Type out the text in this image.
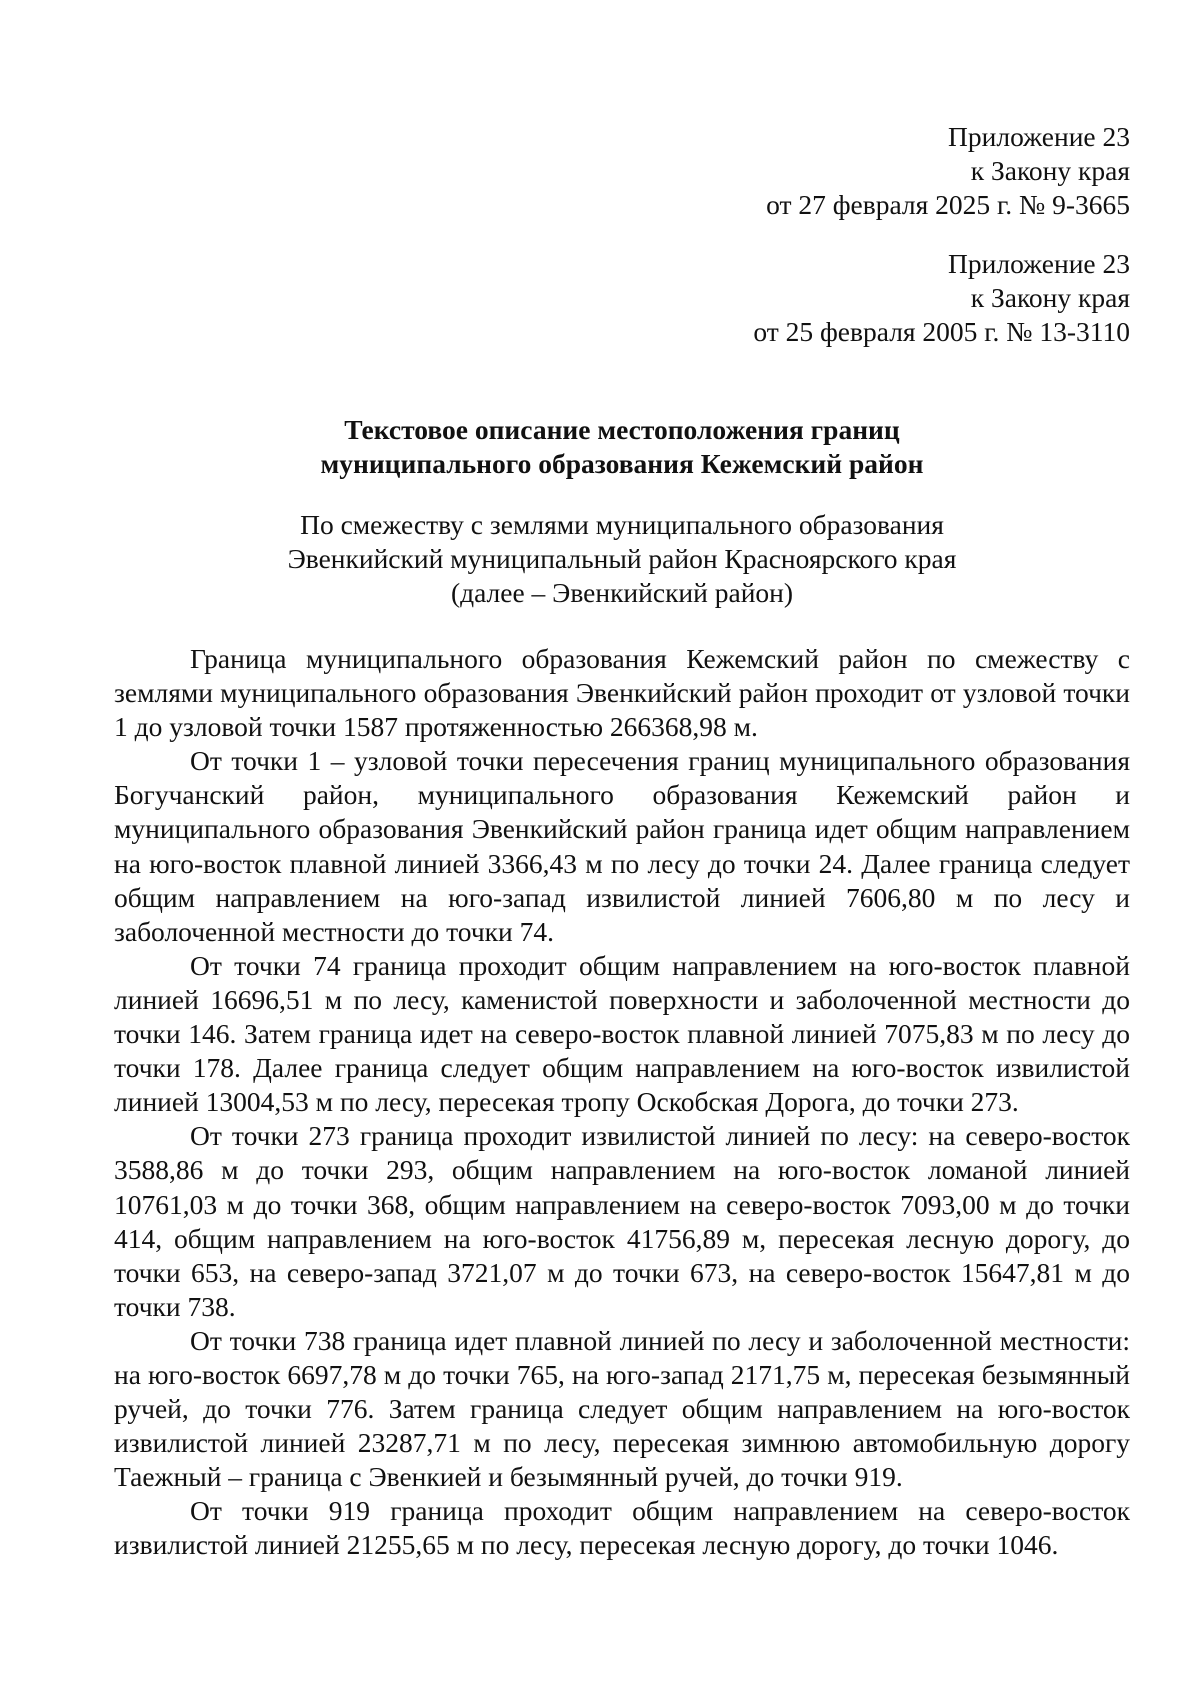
Приложение 23
к Закону края
от 27 февраля 2025 г. № 9-3665
Приложение 23
к Закону края
от 25 февраля 2005 г. № 13-3110
Текстовое описание местоположения границ
муниципального образования Кежемский район
По смежеству с землями муниципального образования
Эвенкийский муниципальный район Красноярского края
(далее – Эвенкийский район)

Граница муниципального образования Кежемский район по смежеству с землями муниципального образования Эвенкийский район проходит от узловой точки 1 до узловой точки 1587 протяженностью 266368,98 м.

От точки 1 – узловой точки пересечения границ муниципального образования Богучанский район, муниципального образования Кежемский район и муниципального образования Эвенкийский район граница идет общим направлением на юго-восток плавной линией 3366,43 м по лесу до точки 24. Далее граница следует общим направлением на юго-запад извилистой линией 7606,80 м по лесу и заболоченной местности до точки 74.

От точки 74 граница проходит общим направлением на юго-восток плавной линией 16696,51 м по лесу, каменистой поверхности и заболоченной местности до точки 146. Затем граница идет на северо-восток плавной линией 7075,83 м по лесу до точки 178. Далее граница следует общим направлением на юго-восток извилистой линией 13004,53 м по лесу, пересекая тропу Оскобская Дорога, до точки 273.

От точки 273 граница проходит извилистой линией по лесу: на северо-восток 3588,86 м до точки 293, общим направлением на юго-восток ломаной линией 10761,03 м до точки 368, общим направлением на северо-восток 7093,00 м до точки 414, общим направлением на юго-восток 41756,89 м, пересекая лесную дорогу, до точки 653, на северо-запад 3721,07 м до точки 673, на северо-восток 15647,81 м до точки 738.

От точки 738 граница идет плавной линией по лесу и заболоченной местности: на юго-восток 6697,78 м до точки 765, на юго-запад 2171,75 м, пересекая безымянный ручей, до точки 776. Затем граница следует общим направлением на юго-восток извилистой линией 23287,71 м по лесу, пересекая зимнюю автомобильную дорогу Таежный – граница с Эвенкией и безымянный ручей, до точки 919.

От точки 919 граница проходит общим направлением на северо-восток извилистой линией 21255,65 м по лесу, пересекая лесную дорогу, до точки 1046.
